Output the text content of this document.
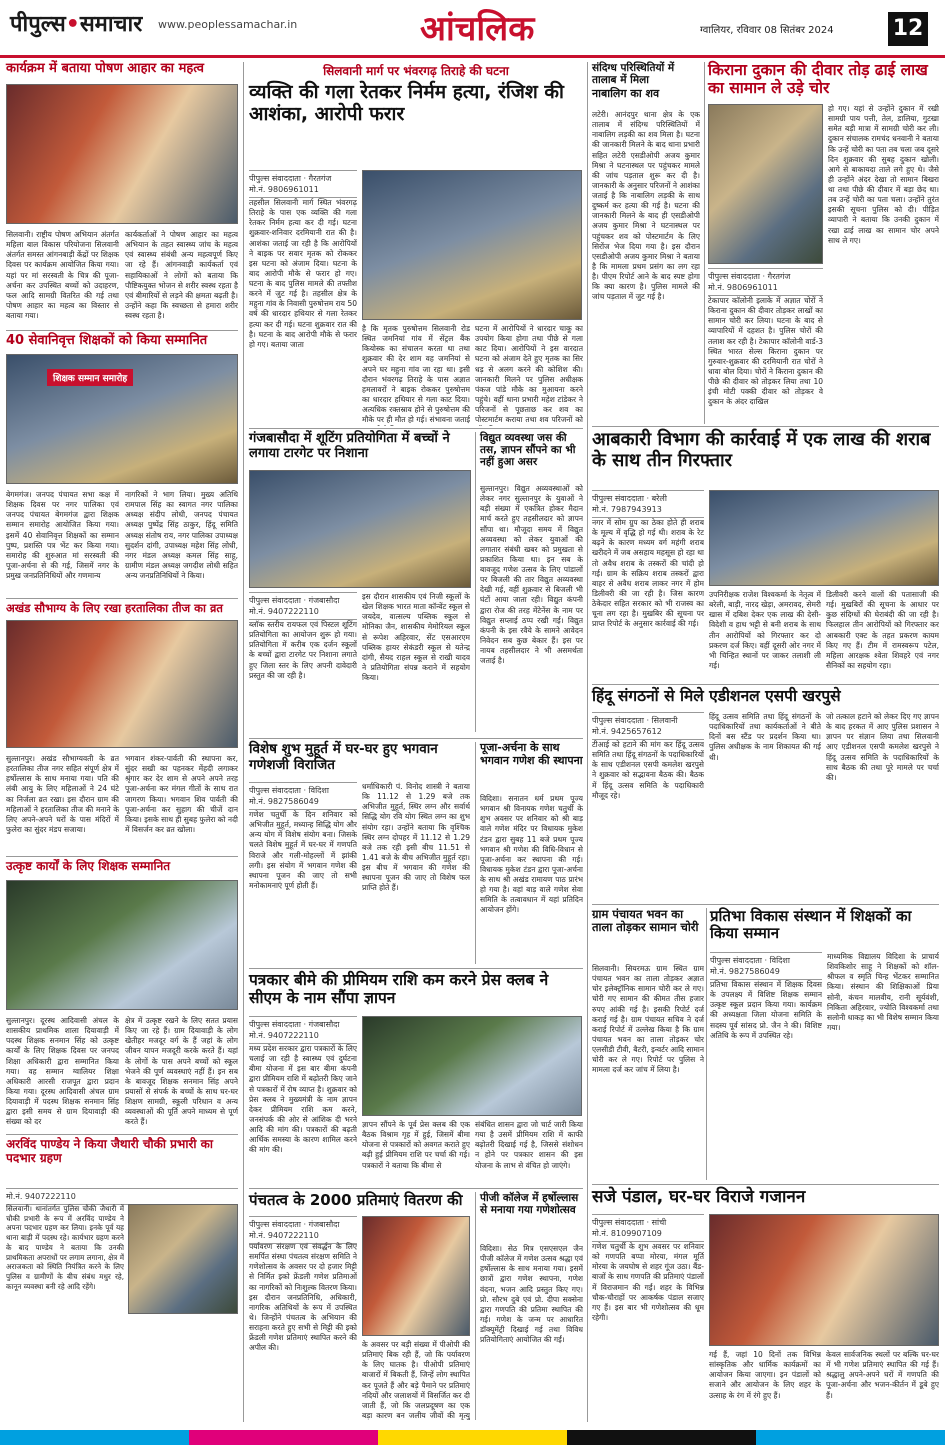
पीपुल्स•समाचार www.peoplessamachar.in	आंचलिक	ग्वालियर, रविवार 08 सितंबर 2024	12
कार्यक्रम में बताया पोषण आहार का महत्व
सिलवानी। राष्ट्रीय पोषण अभियान अंतर्गत महिला बाल विकास परियोजना सिलवानी अंतर्गत समस्त आंगनबाड़ी केंद्रों पर शिक्षक दिवस पर कार्यक्रम आयोजित किया गया। यहां पर मां सरस्वती के चित्र की पूजा-अर्चना कर उपस्थित बच्चों को उदाहरण, फल आदि सामग्री वितरित की गई तथा पोषण आहार का महत्व का विस्तार से बताया गया।
कार्यकर्ताओं ने पोषण आहार का महत्व अभियान के तहत स्वास्थ्य जांच के महत्व एवं स्वास्थ्य संबंधी अन्य महत्वपूर्ण किए जा रहे हैं। आंगनवाड़ी कार्यकर्ता एवं सहायिकाओं ने लोगों को बताया कि पौष्टिकयुक्त भोजन से शरीर स्वस्थ रहता है एवं बीमारियों से लड़ने की क्षमता बढ़ती है। उन्होंने कहा कि स्वच्छता से हमारा शरीर स्वस्थ रहता है।
40 सेवानिवृत्त शिक्षकों को किया सम्मानित
शिक्षक सम्मान समारोह
बेगमगंज। जनपद पंचायत सभा कक्ष में शिक्षक दिवस पर नगर पालिका एवं जनपद पंचायत बेगमगंज द्वारा शिक्षक सम्मान समारोह आयोजित किया गया। इसमें 40 सेवानिवृत्त शिक्षकों का सम्मान पुष्प, प्रशस्ति पत्र भेंट कर किया गया। समारोह की शुरुआत मां सरस्वती की पूजा-अर्चना से की गई, जिसमें नगर के प्रमुख जनप्रतिनिधियों और गणमान्य
नागरिकों ने भाग लिया। मुख्य अतिथि रामपाल सिंह का स्वागत नगर पालिका अध्यक्ष संदीप लोधी, जनपद पंचायत अध्यक्ष पुष्पेंद्र सिंह ठाकुर, हिंदू समिति अध्यक्ष संतोष राय, नगर पालिका उपाध्यक्ष सुदर्शन दांगी, उपाध्यक्ष महेश सिंह लोधी, नगर मंडल अध्यक्ष कमल सिंह साहू, ग्रामीण मंडल अध्यक्ष जगदीश लोधी सहित अन्य जनप्रतिनिधियों ने किया।
अखंड सौभाग्य के लिए रखा हरतालिका तीज का व्रत
सुल्तानपुर। अखंड सौभाग्यवती के व्रत हरतालिका तीज नगर सहित संपूर्ण क्षेत्र में हर्षोल्लास के साथ मनाया गया। पति की लंबी आयु के लिए महिलाओं ने 24 घंटे का निर्जला व्रत रखा। इस दौरान ग्राम की महिलाओं ने हरतालिका तीज की मनाने के लिए अपने-अपने घरों के पास मंदिरों में फुलेरा का सुंदर मंडप सजाया।
भगवान शंकर-पार्वती की स्थापना कर, सुंदर सखी का पहनकर मेंहदी लगाकर श्रृंगार कर देर शाम से अपने अपने तरह पूजा-अर्चना कर मंगल गीतों के साथ रात जागरण किया। भगवान शिव पार्वती की पूजा-अर्चना कर सुहाग की चीजें दान किया। इसके साथ ही सुबह फुलेरा को नदी में विसर्जन कर व्रत खोला।
उत्कृष्ट कार्यों के लिए शिक्षक सम्मानित
सुल्तानपुर। दूरस्थ आदिवासी अंचल के शासकीय प्राथमिक शाला दियावाड़ी में पदस्थ शिक्षक सनमान सिंह को उत्कृष्ट कार्यों के लिए शिक्षक दिवस पर जनपद शिक्षा अधिकारी द्वारा सम्मानित किया गया। वह सम्मान ग्वालियर शिक्षा अधिकारी आरसी राजपूत द्वारा प्रदान किया गया। दूरस्थ आदिवासी अंचल ग्राम दियावाड़ी में पदस्थ शिक्षक सनमान सिंह द्वारा इसी समय से ग्राम दियावाड़ी की संख्या को दर
क्षेत्र में उत्कृष्ट रखने के लिए सतत प्रयास किए जा रहे हैं। ग्राम दियावाड़ी के लोग खेतीहर मजदूर वर्ग के हैं जहां के लोग जीवन यापन मजदूरी करके करते हैं। यहां के लोगों के पास अपने बच्चों को स्कूल भेजने की पूर्ण व्यवस्थाएं नहीं हैं। इन सब के बावजूद शिक्षक सनमान सिंह अपने प्रयासों से संपर्क के बच्चों के साथ घर-घर शिक्षण सामग्री, स्कूली परिधान व अन्य व्यवस्थाओं की पूर्ति अपने माध्यम से पूर्ण करते हैं।
अरविंद पाण्डेय ने किया जैथारी चौकी प्रभारी का पदभार ग्रहण
मो.नं. 9407222110
सिलवानी। थानांतर्गत पुलिस चौकी जैथारी में चौकी प्रभारी के रूप में अरविंद पाण्डेय ने अपना पदभार ग्रहण कर लिया। इनके पूर्व यह थाना बाड़ी में पदस्थ रहे। कार्यभार ग्रहण करने के बाद पाण्डेय ने बताया कि उनकी प्राथमिकता अपराधों पर लगाम लगाना, क्षेत्र में अराजकता को स्थिति नियंत्रित करने के लिए पुलिस व ग्रामीणों के बीच संबंध मधुर रहे, कानून व्यवस्था बनी रहे आदि रहेंगे।
सिलवानी मार्ग पर भंवरगढ़ तिराहे की घटना
व्यक्ति की गला रेतकर निर्मम हत्या, रंजिश की आशंका, आरोपी फरार
पीपुल्स संवाददाता · गैरतगंज
मो.नं. 9806961011
तहसील सिलवानी मार्ग स्थित भंवरगढ़ तिराहे के पास एक व्यक्ति की गला रेतकर निर्मम हत्या कर दी गई। घटना शुक्रवार-शनिवार दरमियानी रात की है। आशंका जताई जा रही है कि आरोपियों ने बाइक पर सवार मृतक को रोककर इस घटना को अंजाम दिया। घटना के बाद आरोपी मौके से फरार हो गए। घटना के बाद पुलिस मामले की तफ्तीश करने में जुट गई है। तहसील क्षेत्र के महुना गांव के निवासी पुरुषोत्तम राय 50 वर्ष की धारदार हथियार से गला रेतकर हत्या कर दी गई। घटना शुक्रवार रात की है। घटना के बाद आरोपी मौके से फरार हो गए। बताया जाता
है कि मृतक पुरुषोत्तम सिलवानी रोड स्थित जमनियां गांव में सेंट्रल बैंक कियोस्क का संचालन करता था तथा शुक्रवार की देर शाम वह जमनियां से अपने घर महुना गांव जा रहा था। इसी दौरान भंवरगढ़ तिराहे के पास अज्ञात हमलावरों ने बाइक रोककर पुरुषोत्तम का धारदार हथियार से गला काट दिया। अत्यधिक रक्तस्राव होने से पुरुषोत्तम की मौके पर ही मौत हो गई। संभावना जताई
घटना में आरोपियों ने धारदार चाकू का उपयोग किया होगा तथा पीछे से गला काट दिया। आरोपियों ने इस वारदात घटना को अंजाम देते हुए मृतक का सिर धड़ से अलग करने की कोशिश की। जानकारी मिलने पर पुलिस अधीक्षक पंकज पांडे मौके का मुआयना करने पहुंचे। वहीं थाना प्रभारी महेश टांडेकर ने परिजनों से पूछताछ कर शव का पोस्टमार्टम कराया तथा शव परिजनों को
गंजबासौदा में शूटिंग प्रतियोगिता में बच्चों ने लगाया टारगेट पर निशाना
पीपुल्स संवाददाता · गंजबासौदा
मो.नं. 9407222110
ब्लॉक स्तरीय रायफल एवं पिस्टल शूटिंग प्रतियोगिता का आयोजन शुरू हो गया। प्रतियोगिता में करीब एक दर्जन स्कूलों के बच्चों द्वारा टारगेट पर निशाना लगाते हुए जिला स्तर के लिए अपनी दावेदारी प्रस्तुत की जा रही है।
इस दौरान शासकीय एवं निजी स्कूलों के खेल शिक्षक भारत माता कॉन्वेंट स्कूल से जयदेव, वात्सल्य पब्लिक स्कूल से मोनिका जैन, शासकीय मेमोरियल स्कूल से रूपेश अहिरवार, सेंट एसआरएम पब्लिक हायर सेकंडरी स्कूल से यतेन्द्र दांगी, सैयद राहल स्कूल से राखी यादव ने प्रतियोगिता संपन्न कराने में सहयोग किया।
विद्युत व्यवस्था जस की तस, ज्ञापन सौंपने का भी नहीं हुआ असर
सुल्तानपुर। विद्युत अव्यवस्थाओं को लेकर नगर सुल्तानपुर के युवाओं ने बड़ी संख्या में एकत्रित होकर मैदान मार्च करते हुए तहसीलदार को ज्ञापन सौंपा था। मौजूदा समय में विद्युत अव्यवस्था को लेकर युवाओं की लगातार संबंधी खबर को प्रमुखता से प्रकाशित किया था। इन सब के बावजूद गणेश उत्सव के लिए पांडालों पर बिजली की तार विद्युत अव्यवस्था देखी गई, वहीं शुक्रवार से बिजली भी घंटों आया जाता रही। विद्युत कंपनी द्वारा रोज की तरह मेंटेनेंस के नाम पर विद्युत सप्लाई ठप्प रखी गई। विद्युत कंपनी के इस रवैये के सामने आवेदन निवेदन सब कुछ बेकार हैं। इस पर नायब तहसीलदार ने भी असमर्थता जताई है।
विशेष शुभ मुहूर्त में घर-घर हुए भगवान गणेशजी विराजित
पीपुल्स संवाददाता · विदिशा
मो.नं. 9827586049
गणेश चतुर्थी के दिन शनिवार को अभिजीत मुहूर्त, मध्यान्ह सिद्धि योग और अन्य योग में विशेष संयोग बना। जिसके चलते विशेष मुहूर्त में घर-घर में गणपति विराजे और गली-मोहल्लों में झांकी लगी। इस संयोग में भगवान गणेश की स्थापना पूजन की जाए तो सभी मनोकामनाएं पूर्ण होती हैं।
धर्माधिकारी पं. विनोद शास्त्री ने बताया कि 11.12 से 1.29 बजे तक अभिजीत मुहूर्त, स्थिर लग्न और सर्वार्थ सिद्धि योग रवि योग स्थित लग्न का शुभ संयोग रहा। उन्होंने बताया कि वृश्चिक स्थिर लग्न दोपहर में 11.12 से 1.29 बजे तक रही इसी बीच 11.51 से 1.41 बजे के बीच अभिजीत मुहूर्त रहा। इस बीच में भगवान की गणेश की स्थापना पूजन की जाए तो विशेष फल प्राप्ति होते हैं।
पूजा-अर्चना के साथ भगवान गणेश की स्थापना
विदिशा। सनातन धर्म प्रथम पूज्य भगवान श्री विनायक गणेश चतुर्थी के शुभ अवसर पर शनिवार को श्री बाड़ वाले गणेश मंदिर पर विधायक मुकेश टंडन द्वारा सुबह 11 बजे प्रथम पूज्य भगवान श्री गणेश की विधि-विधान से पूजा-अर्चना कर स्थापना की गई। विधायक मुकेश टंडन द्वारा पूजा-अर्चना के साथ श्री अखंड रामायण पाठ प्रारंभ हो गया है। वहां बाड़ वाले गणेश सेवा समिति के तत्वावधान में यहां प्रतिदिन आयोजन होंगे।
पत्रकार बीमे की प्रीमियम राशि कम करने प्रेस क्लब ने सीएम के नाम सौंपा ज्ञापन
पीपुल्स संवाददाता · गंजबासौदा
मो.नं. 9407222110
मध्य प्रदेश सरकार द्वारा पत्रकारों के लिए चलाई जा रही है स्वास्थ्य एवं दुर्घटना बीमा योजना में इस बार बीमा कंपनी द्वारा प्रीमियम राशि में बढ़ोतरी किए जाने से पत्रकारों में रोष व्याप्त है। शुक्रवार को प्रेस क्लब ने मुख्यमंत्री के नाम ज्ञापन देकर प्रीमियम राशि कम करने, जनसंपर्क की ओर से आंशिक दी भरने आदि की मांग की। पत्रकारों की बढ़ती आर्थिक समस्या के कारण शामिल करने की मांग की।
ज्ञापन सौंपने के पूर्व प्रेस क्लब की एक बैठक विश्राम गृह में हुई, जिसमें बीमा योजना से पत्रकारों को अवगत कराते हुए बढ़ी हुई प्रीमियम राशि पर चर्चा की गई। पत्रकारों ने बताया कि बीमा से
संबंधित शासन द्वारा जो चार्ट जारी किया गया है उसमें प्रीमियम राशि में काफी बढ़ोतरी दिखाई गई है, जिससे संशोधन न होने पर पत्रकार शासन की इस योजना के लाभ से वंचित हो जाएंगे।
पंचतत्व के 2000 प्रतिमाएं वितरण की
पीपुल्स संवाददाता · गंजबासौदा
मो.नं. 9407222110
पर्यावरण संरक्षण एवं संवर्द्धन के लिए समर्पित संस्था पंचतत्व संरक्षण समिति ने गणेशोत्सव के अवसर पर दो हजार मिट्टी से निर्मित इको फ्रेंडली गणेश प्रतिमाओं का नागरिकों को निःशुल्क वितरण किया। इस दौरान जनप्रतिनिधि, अधिकारी, नागरिक अतिथियों के रूप में उपस्थित थे। जिन्होंने पंचतत्व के अभियान की सराहना करते हुए सभी से मिट्टी की इको फ्रेंडली गणेश प्रतिमाएं स्थापित करने की अपील की।	के अवसर पर बड़ी संख्या में पीओपी की प्रतिमाएं बिक रही हैं, जो कि पर्यावरण के लिए घातक है। पीओपी प्रतिमाएं बाजारों में बिकती हैं, जिन्हें लोग स्थापित कर पूजते हैं और बड़े पैमाने पर प्रतिमाएं नदियों और जलाशयों में विसर्जित कर दी जाती हैं, जो कि जलप्रदूषण का एक बड़ा कारण बन जलीय जीवों की मृत्यु
पीजी कॉलेज में हर्षोल्लास से मनाया गया गणेशोत्सव
विदिशा। सेठ मित्र एसएसएल जैन पीजी कॉलेज में गणेश उत्सव श्रद्धा एवं हर्षोल्लास के साथ मनाया गया। इसमें छात्रों द्वारा गणेश स्थापना, गणेश वंदना, भजन आदि प्रस्तुत किए गए। प्रो. सौरभ दुबे एवं प्रो. दीपा सक्सेना द्वारा गणपति की प्रतिमा स्थापित की गई। गणेश के जन्म पर आधारित डॉक्यूमेंट्री दिखाई गई तथा विविध प्रतियोगिताएं आयोजित की गईं।
संदिग्ध परिस्थितियों में तालाब में मिला
नाबालिग का शव
लटेरी। आनंदपुर थाना क्षेत्र के एक तालाब में संदिग्ध परिस्थितियों में नाबालिग लड़की का शव मिला है। घटना की जानकारी मिलने के बाद थाना प्रभारी सहित लटेरी एसडीओपी अजय कुमार मिश्रा ने घटनास्थल पर पहुंचकर मामले की जांच पड़ताल शुरू कर दी है। जानकारी के अनुसार परिजनों ने आशंका जताई है कि नाबालिग लड़की के साथ दुष्कर्म कर हत्या की गई है। घटना की जानकारी मिलने के बाद ही एसडीओपी अजय कुमार मिश्रा ने घटनास्थल पर पहुंचकर शव को पोस्टमार्टम के लिए सिरोंज भेज दिया गया है। इस दौरान एसडीओपी अजय कुमार मिश्रा ने बताया है कि मामला प्रथम प्रसंग का लग रहा है। पीएम रिपोर्ट आने के बाद स्पष्ट होगा कि क्या कारण है। पुलिस मामले की जांच पड़ताल में जुट गई है।
किराना दुकान की दीवार तोड़ ढाई लाख का सामान ले उड़े चोर
पीपुल्स संवाददाता · गैरतगंज
मो.नं. 9806961011
टेकापार कॉलोनी इलाके में अज्ञात चोरों ने किराना दुकान की दीवार तोड़कर लाखों का सामान चोरी कर लिया। घटना के बाद से व्यापारियों में दहशत है। पुलिस चोरों की तलाश कर रही है। टेकापार कॉलोनी वार्ड-3 स्थित भारत सेल्स किराना दुकान पर गुरुवार-शुक्रवार की दरमियानी रात चोरों ने धावा बोल दिया। चोरों ने किराना दुकान की पीछे की दीवार को तोड़कर लिया तथा 10 इंची मोटी पक्की दीवार को तोड़कर वे दुकान के अंदर दाखिल
हो गए। यहां से उन्होंने दुकान में रखी सामग्री पाय पत्ती, तेल, डालिया, गुटखा समेत बड़ी मात्रा में सामग्री चोरी कर ली। दुकान संचालक रामचंद धनवानी ने बताया कि उन्हें चोरी का पता तब चला जब दूसरे दिन शुक्रवार की सुबह दुकान खोली। आगे से बाकायदा ताले लगे हुए थे। जैसे ही उन्होंने अंदर देखा तो सामान बिखरा था तथा पीछे की दीवार में बड़ा छेद था। तब उन्हें चोरी का पता चला। उन्होंने तुरंत इसकी सूचना पुलिस को दी। पीड़ित व्यापारी ने बताया कि उनकी दुकान में रखा ढाई लाख का सामान चोर अपने साथ ले गए।
आबकारी विभाग की कार्रवाई में एक लाख की शराब के साथ तीन गिरफ्तार
पीपुल्स संवाददाता · बरेली
मो.नं. 7987943913
नगर में सोम ग्रुप का ठेका होते ही शराब के मूल्य में वृद्धि हो गई थी। शराब के रेट बढ़ने के कारण मध्यम वर्ग महंगी शराब खरीदने में जब असहाय महसूस हो रहा था तो अवैध शराब के तस्करों की चांदी हो गई। ग्राम के सक्रिय शराब तस्करों द्वारा बाहर से अवैध शराब लाकर नगर में होम डिलीवरी की जा रही है। जिस कारण ठेकेदार सहित सरकार को भी राजस्व का चूना लग रहा है। मुखबिर की सूचना पर प्राप्त रिपोर्ट के अनुसार कार्रवाई की गई।
उपनिरीक्षक राजेश विश्वकर्मा के नेतृत्व में बरेली, बाड़ी, नारद खेड़ा, अमरावद, सेमरी खास में दबिश देकर एक लाख की देसी-विदेशी व हाथ भट्टी से बनी शराब के साथ तीन आरोपियों को गिरफ्तार कर दो प्रकरण दर्ज किए। वहीं दूसरी ओर नगर में भी चिन्हित स्थानों पर जाकर तलाशी ली गई।
डिलीवरी करने वालों की पतासाजी की गई। मुखबिरों की सूचना के आधार पर कुछ संदिग्धों की घेराबंदी की जा रही है। फिलहाल तीन आरोपियों को गिरफ्तार कर आबकारी एक्ट के तहत प्रकरण कायम किए गए हैं। टीम में रामस्वरूप पटेल, महिला आरक्षक श्वेता शिवहरे एवं नगर सैनिकों का सहयोग रहा।
हिंदू संगठनों से मिले एडीशनल एसपी खरपुसे
पीपुल्स संवाददाता · सिलवानी
मो.नं. 9425657612
टीआई को हटाने की मांग कर हिंदू उत्सव समिति तथा हिंदू संगठनों के पदाधिकारियों के साथ एडीशनल एसपी कमलेश खरपुसे ने शुक्रवार को सद्भावना बैठक की। बैठक में हिंदू उत्सव समिति के पदाधिकारी मौजूद रहे।
हिंदू उत्सव समिति तथा हिंदू संगठनों के पदाधिकारियों तथा कार्यकर्ताओं ने बीते दिनों बस स्टैंड पर प्रदर्शन किया था। पुलिस अधीक्षक के नाम शिकायत की गई थी।
जो तत्काल हटाने को लेकर दिए गए ज्ञापन के बाद हरकत में आए पुलिस प्रशासन ने ज्ञापन पर संज्ञान लिया तथा सिलवानी आए एडीशनल एसपी कमलेश खरपुसे ने हिंदू उत्सव समिति के पदाधिकारियों के साथ बैठक की तथा पूरे मामले पर चर्चा की।
ग्राम पंचायत भवन का ताला तोड़कर सामान चोरी
सिलवानी। सियरमऊ ग्राम स्थित ग्राम पंचायत भवन का ताला तोड़कर अज्ञात चोर इलेक्ट्रॉनिक सामान चोरी कर ले गए। चोरी गए सामान की कीमत तीस हजार रुपए आंकी गई है। इसकी रिपोर्ट दर्ज कराई गई है। ग्राम पंचायत सचिव ने दर्ज कराई रिपोर्ट में उल्लेख किया है कि ग्राम पंचायत भवन का ताला तोड़कर चोर एलसीडी टीवी, बैटरी, इन्वर्टर आदि सामान चोरी कर ले गए। रिपोर्ट पर पुलिस ने मामला दर्ज कर जांच में लिया है।
प्रतिभा विकास संस्थान में शिक्षकों का किया सम्मान
पीपुल्स संवाददाता · विदिशा
मो.नं. 9827586049
प्रतिभा विकास संस्थान में शिक्षक दिवस के उपलक्ष्य में विशिष्ट शिक्षक सम्मान उत्कृष्ट स्कूल प्रदान किया गया। कार्यक्रम की अध्यक्षता जिला योजना समिति के सदस्य पूर्व सांसद प्रो. जैन ने की। विशिष्ट अतिथि के रूप में उपस्थित रहे।
माध्यमिक विद्यालय विदिशा के प्राचार्य शिवकिशोर साहू ने शिक्षकों को शॉल-श्रीफल व स्मृति चिन्ह भेंटकर सम्मानित किया। संस्थान की शिक्षिकाओं प्रिया सोनी, कंचन मालवीय, रानी सूर्यवंशी, निकिता अहिरवार, ज्योति विश्वकर्मा तथा सलोनी धाकड़ का भी विशेष सम्मान किया गया।
सजे पंडाल, घर-घर विराजे गजानन
पीपुल्स संवाददाता · सांची
मो.नं. 8109907109
गणेश चतुर्थी के शुभ अवसर पर शनिवार को गणपति बप्पा मोरया, मंगल मूर्ति मोरया के जयघोष से शहर गूंज उठा। बैंड-बाजों के साथ गणपति की प्रतिमाएं पंडालों में विराजमान की गईं। शहर के विभिन्न चौक-चौराहों पर आकर्षक पंडाल सजाए गए हैं। इस बार भी गणेशोत्सव की धूम रहेगी।
गई हैं, जहां 10 दिनों तक विभिन्न सांस्कृतिक और धार्मिक कार्यक्रमों का आयोजन किया जाएगा। इन पंडालों को सजाने और आयोजन के लिए शहर के उत्साह के रंग में रंगे हुए हैं।
केवल सार्वजनिक स्थलों पर बल्कि घर-घर में भी गणेश प्रतिमाएं स्थापित की गई हैं। श्रद्धालु अपने-अपने घरों में गणपति की पूजा-अर्चना और भजन-कीर्तन में डूबे हुए हैं।
